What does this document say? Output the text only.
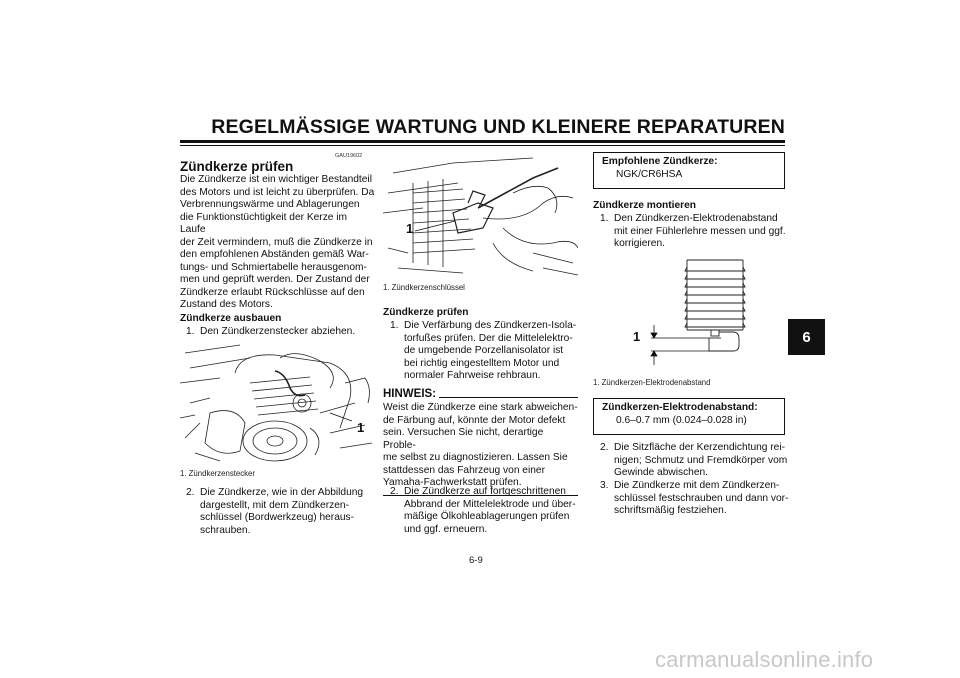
REGELMÄSSIGE WARTUNG UND KLEINERE REPARATUREN
GAU19602
Zündkerze prüfen

Die Zündkerze ist ein wichtiger Bestandteil

des Motors und ist leicht zu überprüfen. Da

Verbrennungswärme und Ablagerungen

die Funktionstüchtigkeit der Kerze im Laufe

der Zeit vermindern, muß die Zündkerze in

den empfohlenen Abständen gemäß War-

tungs- und Schmiertabelle herausgenom-

men und geprüft werden. Der Zustand der

Zündkerze erlaubt Rückschlüsse auf den

Zustand des Motors.

Zündkerze ausbauen
1. Den Zündkerzenstecker abziehen.
1
1. Zündkerzenstecker
2. Die Zündkerze, wie in der Abbildung
dargestellt, mit dem Zündkerzen-
schlüssel (Bordwerkzeug) heraus-
schrauben.
1
1. Zündkerzenschlüssel
Zündkerze prüfen
1. Die Verfärbung des Zündkerzen-Isola-
torfußes prüfen. Der die Mittelelektro-
de umgebende Porzellanisolator ist
bei richtig eingestelltem Motor und
normaler Fahrweise rehbraun.
HINWEIS:

Weist die Zündkerze eine stark abweichen-

de Färbung auf, könnte der Motor defekt

sein. Versuchen Sie nicht, derartige Proble-

me selbst zu diagnostizieren. Lassen Sie

stattdessen das Fahrzeug von einer

Yamaha-Fachwerkstatt prüfen.

2. Die Zündkerze auf fortgeschrittenen
Abbrand der Mittelelektrode und über-
mäßige Ölkohleablagerungen prüfen
und ggf. erneuern.
Empfohlene Zündkerze:
NGK/CR6HSA
Zündkerze montieren
1. Den Zündkerzen-Elektrodenabstand
mit einer Fühlerlehre messen und ggf.
korrigieren.
1
1. Zündkerzen-Elektrodenabstand
Zündkerzen-Elektrodenabstand:
0.6–0.7 mm (0.024–0.028 in)
2. Die Sitzfläche der Kerzendichtung rei-
nigen; Schmutz und Fremdkörper vom
Gewinde abwischen.
3. Die Zündkerze mit dem Zündkerzen-
schlüssel festschrauben und dann vor-
schriftsmäßig festziehen.
6
6-9
carmanualsonline.info
